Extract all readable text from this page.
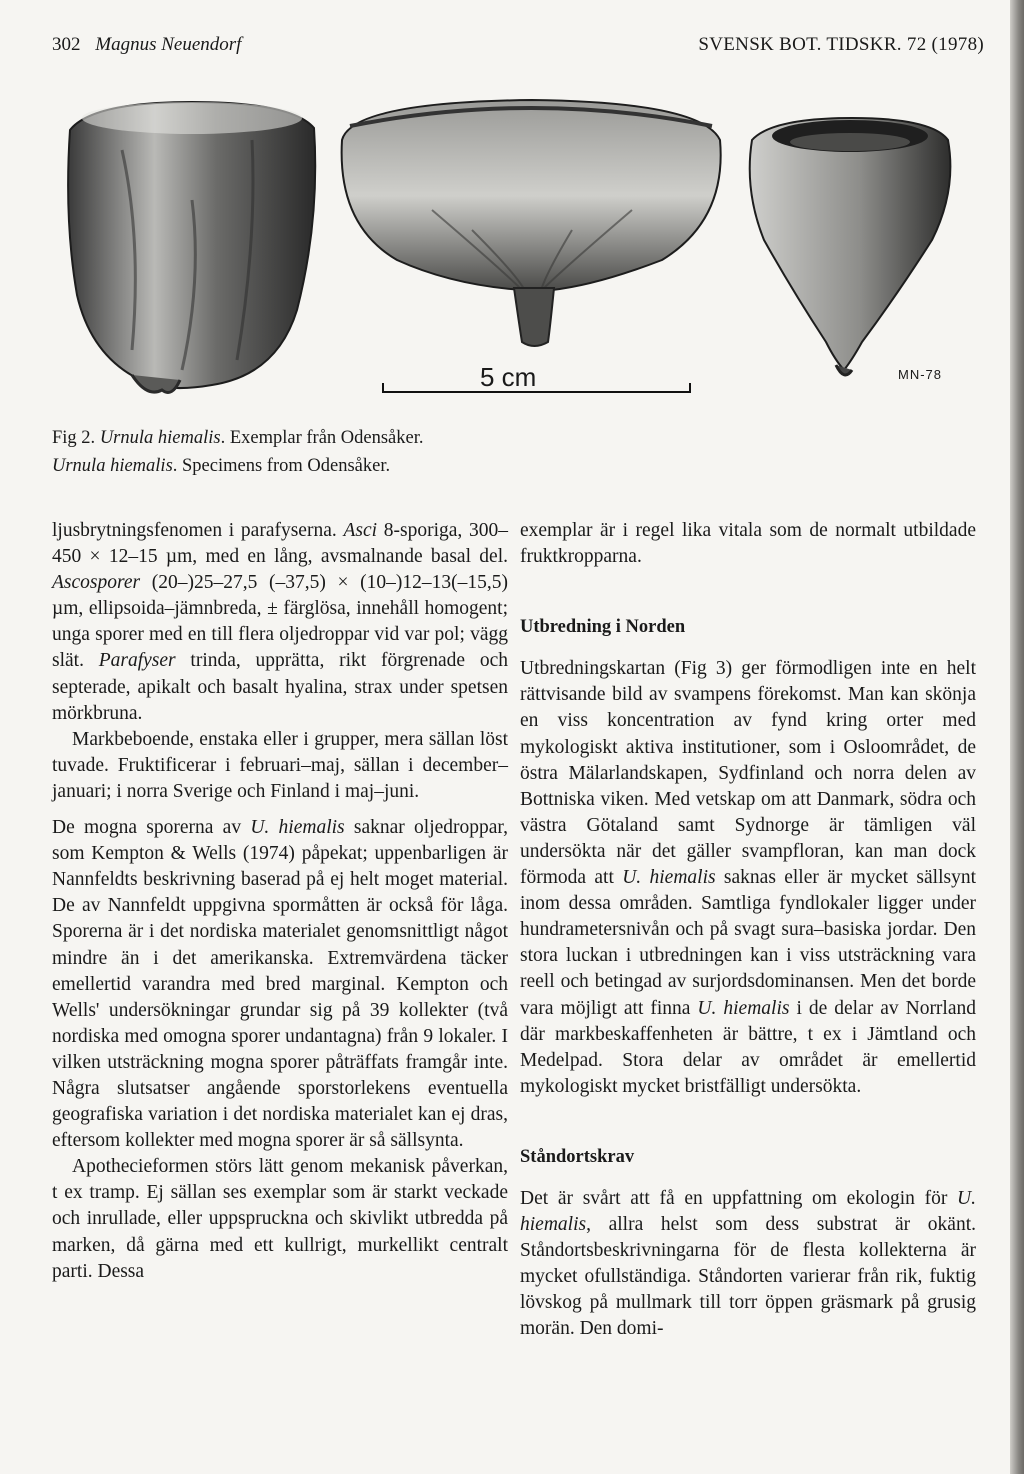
302 Magnus Neuendorf	SVENSK BOT. TIDSKR. 72 (1978)
5 cm	MN-78
Fig 2. Urnula hiemalis. Exemplar från Odensåker.
Urnula hiemalis. Specimens from Odensåker.

ljusbrytningsfenomen i parafyserna. Asci 8-sporiga, 300–450 × 12–15 µm, med en lång, avsmalnande basal del. Ascosporer (20–)25–27,5 (–37,5) × (10–)12–13(–15,5) µm, ellipsoida–jämnbreda, ± färglösa, innehåll homogent; unga sporer med en till flera oljedroppar vid var pol; vägg slät. Parafyser trinda, upprätta, rikt förgrenade och septerade, apikalt och basalt hyalina, strax under spetsen mörkbruna.

Markbeboende, enstaka eller i grupper, mera sällan löst tuvade. Fruktificerar i februari–maj, sällan i december–januari; i norra Sverige och Finland i maj–juni.

De mogna sporerna av U. hiemalis saknar oljedroppar, som Kempton & Wells (1974) påpekat; uppenbarligen är Nannfeldts beskrivning baserad på ej helt moget material. De av Nannfeldt uppgivna spormåtten är också för låga. Sporerna är i det nordiska materialet genomsnittligt något mindre än i det amerikanska. Extremvärdena täcker emellertid varandra med bred marginal. Kempton och Wells' undersökningar grundar sig på 39 kollekter (två nordiska med omogna sporer undantagna) från 9 lokaler. I vilken utsträckning mogna sporer påträffats framgår inte. Några slutsatser angående sporstorlekens eventuella geografiska variation i det nordiska materialet kan ej dras, eftersom kollekter med mogna sporer är så sällsynta.

Apothecieformen störs lätt genom mekanisk påverkan, t ex tramp. Ej sällan ses exemplar som är starkt veckade och inrullade, eller uppspruckna och skivlikt utbredda på marken, då gärna med ett kullrigt, murkellikt centralt parti. Dessa

exemplar är i regel lika vitala som de normalt utbildade fruktkropparna.

Utbredning i Norden

Utbredningskartan (Fig 3) ger förmodligen inte en helt rättvisande bild av svampens förekomst. Man kan skönja en viss koncentration av fynd kring orter med mykologiskt aktiva institutioner, som i Osloområdet, de östra Mälarlandskapen, Sydfinland och norra delen av Bottniska viken. Med vetskap om att Danmark, södra och västra Götaland samt Sydnorge är tämligen väl undersökta när det gäller svampfloran, kan man dock förmoda att U. hiemalis saknas eller är mycket sällsynt inom dessa områden. Samtliga fyndlokaler ligger under hundrametersnivån och på svagt sura–basiska jordar. Den stora luckan i utbredningen kan i viss utsträckning vara reell och betingad av surjordsdominansen. Men det borde vara möjligt att finna U. hiemalis i de delar av Norrland där markbeskaffenheten är bättre, t ex i Jämtland och Medelpad. Stora delar av området är emellertid mykologiskt mycket bristfälligt undersökta.

Ståndortskrav

Det är svårt att få en uppfattning om ekologin för U. hiemalis, allra helst som dess substrat är okänt. Ståndortsbeskrivningarna för de flesta kollekterna är mycket ofullständiga. Ståndorten varierar från rik, fuktig lövskog på mullmark till torr öppen gräsmark på grusig morän. Den domi-
